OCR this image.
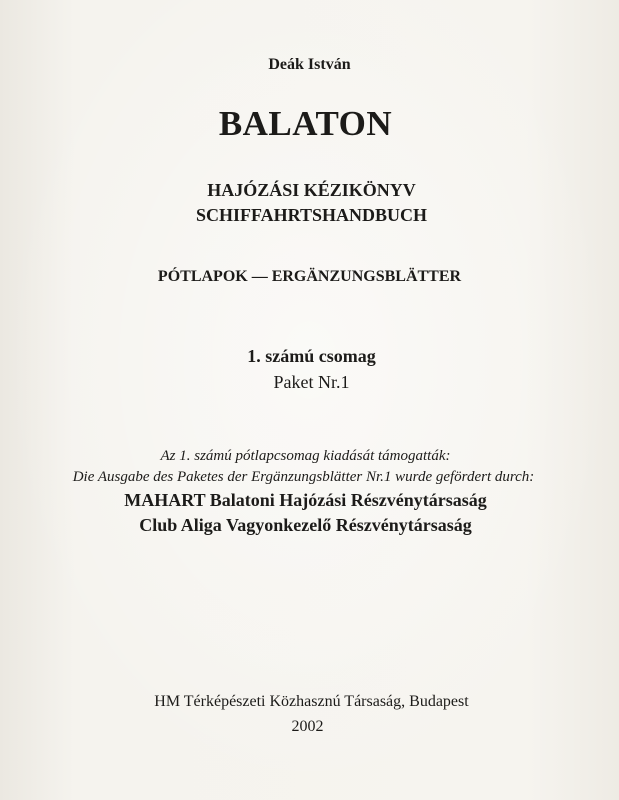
Deák István
BALATON
HAJÓZÁSI KÉZIKÖNYV
SCHIFFAHRTSHANDBUCH
PÓTLAPOK — ERGÄNZUNGSBLÄTTER
1. számú csomag
Paket Nr.1
Az 1. számú pótlapcsomag kiadását támogatták:
Die Ausgabe des Paketes der Ergänzungsblätter Nr.1 wurde gefördert durch:
MAHART Balatoni Hajózási Részvénytársaság
Club Aliga Vagyonkezelő Részvénytársaság
HM Térképészeti Közhasznú Társaság, Budapest
2002
